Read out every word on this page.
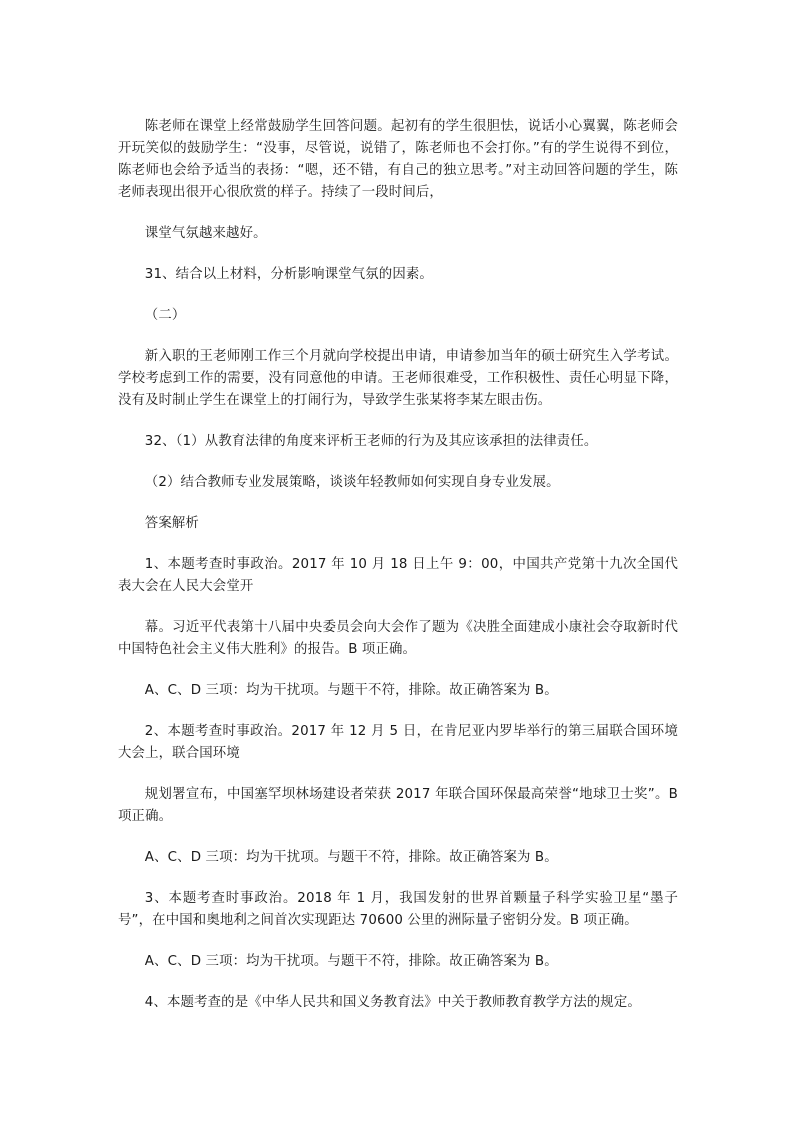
陈老师在课堂上经常鼓励学生回答问题。起初有的学生很胆怯，说话小心翼翼，陈老师会开玩笑似的鼓励学生：“没事，尽管说，说错了，陈老师也不会打你。”有的学生说得不到位，陈老师也会给予适当的表扬：“嗯，还不错，有自己的独立思考。”对主动回答问题的学生，陈老师表现出很开心很欣赏的样子。持续了一段时间后，

课堂气氛越来越好。

31、结合以上材料，分析影响课堂气氛的因素。

（二）

新入职的王老师刚工作三个月就向学校提出申请，申请参加当年的硕士研究生入学考试。学校考虑到工作的需要，没有同意他的申请。王老师很难受，工作积极性、责任心明显下降，没有及时制止学生在课堂上的打闹行为，导致学生张某将李某左眼击伤。

32、（1）从教育法律的角度来评析王老师的行为及其应该承担的法律责任。

（2）结合教师专业发展策略，谈谈年轻教师如何实现自身专业发展。

答案解析

1、本题考查时事政治。2017 年 10 月 18 日上午 9：00，中国共产党第十九次全国代表大会在人民大会堂开

幕。习近平代表第十八届中央委员会向大会作了题为《决胜全面建成小康社会夺取新时代中国特色社会主义伟大胜利》的报告。B 项正确。

A、C、D 三项：均为干扰项。与题干不符，排除。故正确答案为 B。

2、本题考查时事政治。2017 年 12 月 5 日，在肯尼亚内罗毕举行的第三届联合国环境大会上，联合国环境

规划署宣布，中国塞罕坝林场建设者荣获 2017 年联合国环保最高荣誉“地球卫士奖”。B 项正确。

A、C、D 三项：均为干扰项。与题干不符，排除。故正确答案为 B。

3、本题考查时事政治。2018 年 1 月，我国发射的世界首颗量子科学实验卫星“墨子号”，在中国和奥地利之间首次实现距达 70600 公里的洲际量子密钥分发。B 项正确。

A、C、D 三项：均为干扰项。与题干不符，排除。故正确答案为 B。

4、本题考查的是《中华人民共和国义务教育法》中关于教师教育教学方法的规定。
